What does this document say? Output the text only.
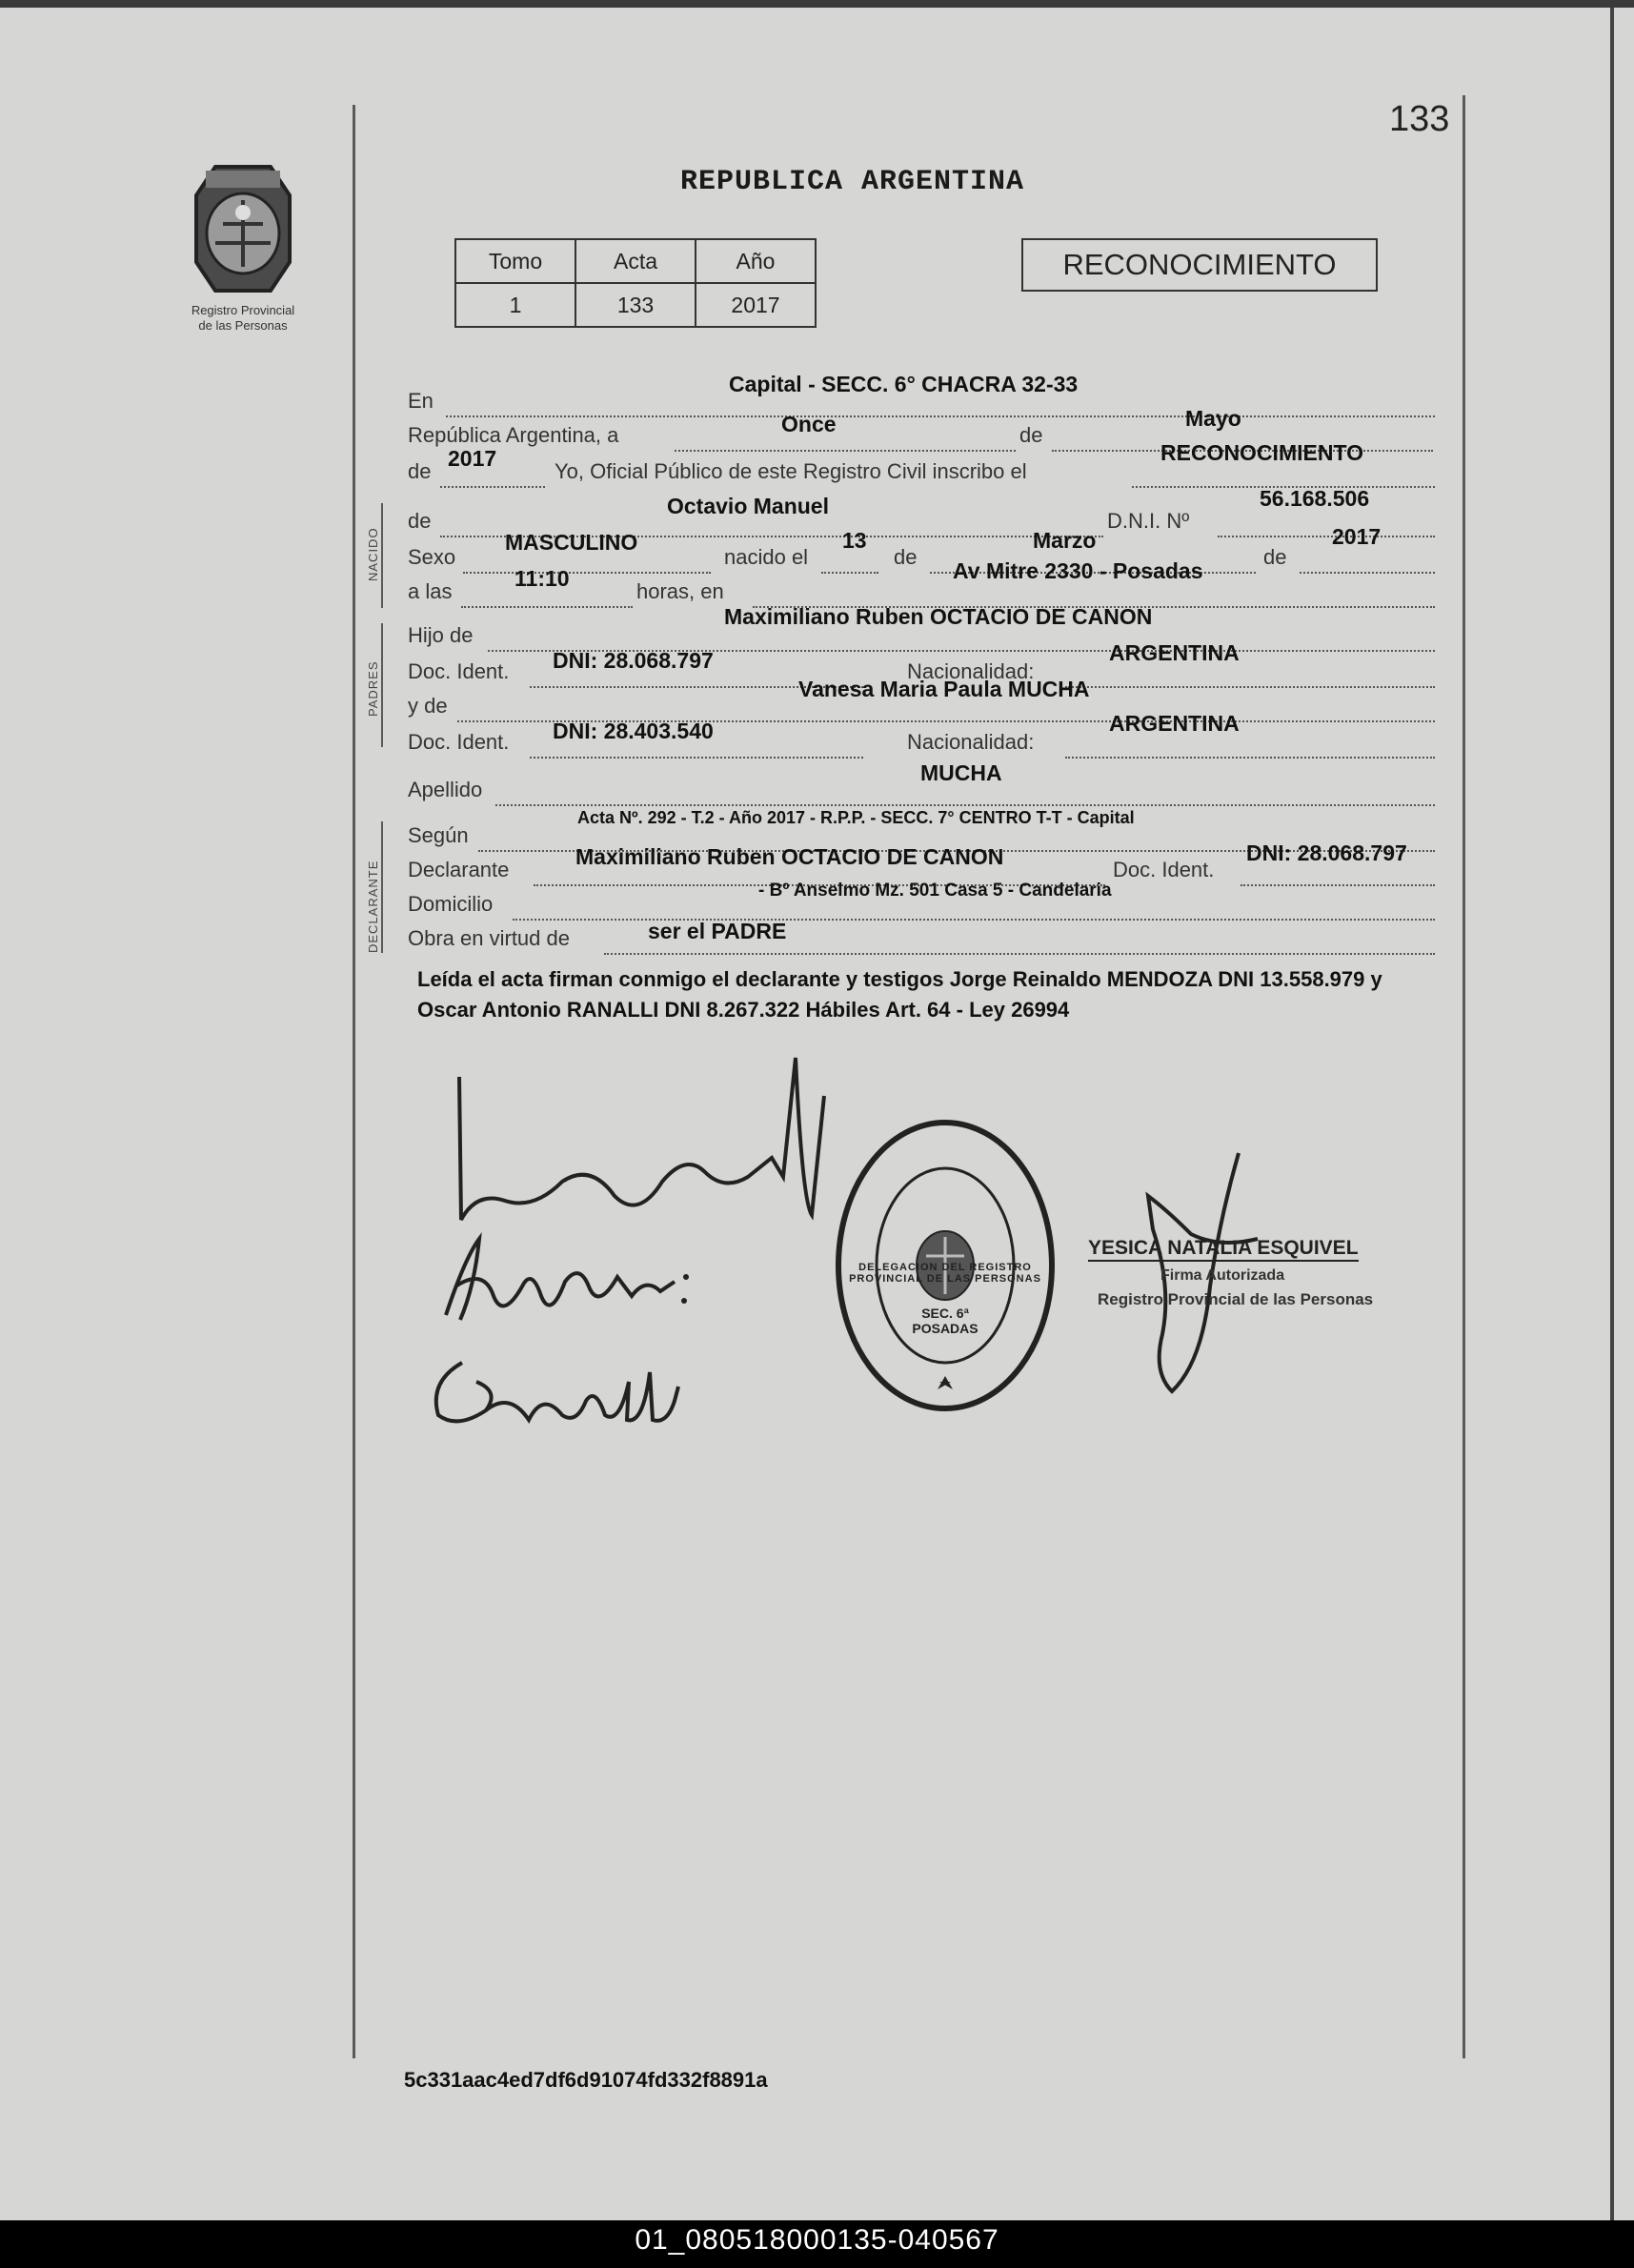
133
Registro Provincial
de las Personas
REPUBLICA ARGENTINA
Tomo	Acta	Año
1	133	2017
RECONOCIMIENTO
En
Capital - SECC. 6° CHACRA 32-33
República Argentina, a	Once	de
Mayo
de
2017
Yo, Oficial Público de este Registro Civil inscribo el
RECONOCIMIENTO
NACIDO
de
Octavio Manuel
D.N.I. Nº
56.168.506
Sexo
MASCULINO
nacido el
13
de
Marzo
de
2017
a las
11:10
horas, en
Av Mitre 2330 - Posadas
PADRES
Hijo de
Maximiliano Ruben OCTACIO DE CANON
Doc. Ident. DNI: 28.068.797	Nacionalidad:
ARGENTINA
y de
Vanesa Maria Paula MUCHA
Doc. Ident. DNI: 28.403.540	Nacionalidad:
ARGENTINA
Apellido
MUCHA
DECLARANTE
Según
Acta Nº. 292 - T.2 - Año 2017 - R.P.P. - SECC. 7° CENTRO T-T - Capital
Declarante
Maximiliano Ruben OCTACIO DE CANON
Doc. Ident.
DNI: 28.068.797
Domicilio
- Bº Anselmo Mz. 501 Casa 5 - Candelaria
Obra en virtud de	ser el PADRE
Leída el acta firman conmigo el declarante y testigos Jorge Reinaldo MENDOZA DNI 13.558.979 y Oscar Antonio RANALLI DNI 8.267.322 Hábiles Art. 64 - Ley 26994
DELEGACION DEL REGISTRO PROVINCIAL DE LAS PERSONAS
SEC. 6ª POSADAS
YESICA NATALIA ESQUIVEL
Firma Autorizada
Registro Provincial de las Personas
5c331aac4ed7df6d91074fd332f8891a
01_080518000135-040567
